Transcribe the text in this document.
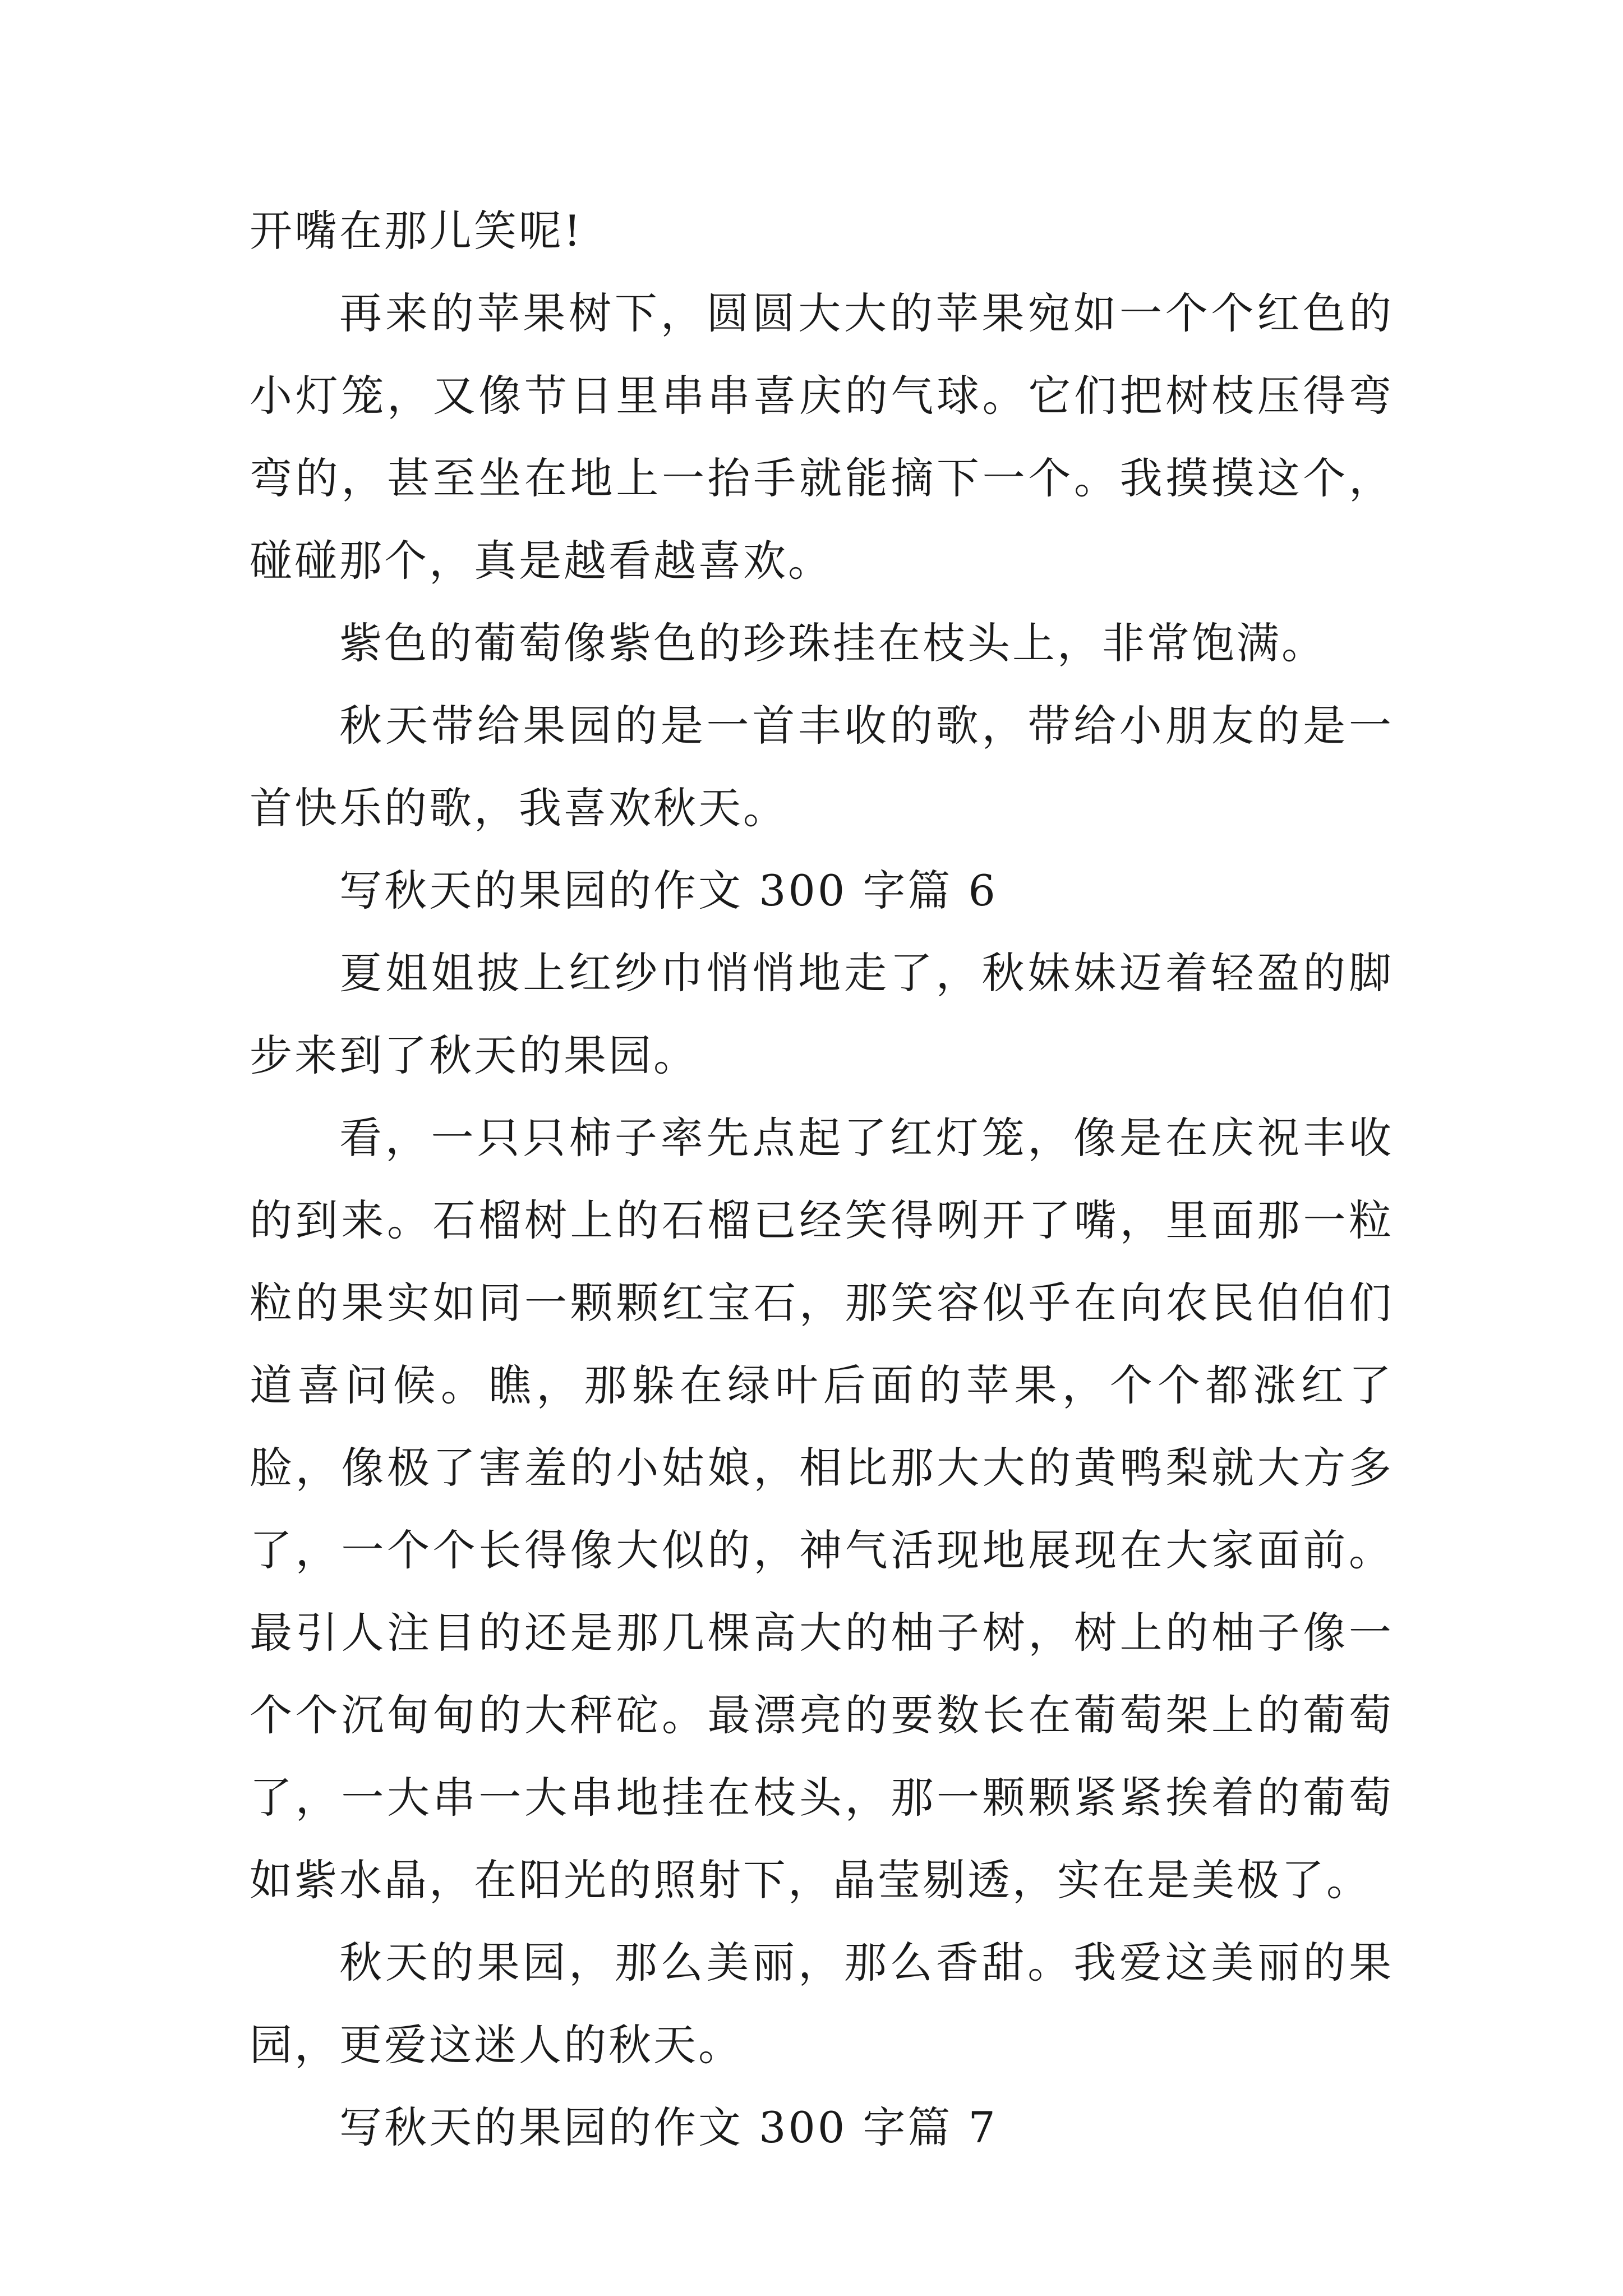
开嘴在那儿笑呢!

再来的苹果树下，圆圆大大的苹果宛如一个个红色的小灯笼，又像节日里串串喜庆的气球。它们把树枝压得弯弯的，甚至坐在地上一抬手就能摘下一个。我摸摸这个，碰碰那个，真是越看越喜欢。

紫色的葡萄像紫色的珍珠挂在枝头上，非常饱满。

秋天带给果园的是一首丰收的歌，带给小朋友的是一首快乐的歌，我喜欢秋天。

写秋天的果园的作文 300 字篇 6

夏姐姐披上红纱巾悄悄地走了，秋妹妹迈着轻盈的脚步来到了秋天的果园。

看，一只只柿子率先点起了红灯笼，像是在庆祝丰收的到来。石榴树上的石榴已经笑得咧开了嘴，里面那一粒粒的果实如同一颗颗红宝石，那笑容似乎在向农民伯伯们道喜问候。瞧，那躲在绿叶后面的苹果，个个都涨红了脸，像极了害羞的小姑娘，相比那大大的黄鸭梨就大方多了，一个个长得像大似的，神气活现地展现在大家面前。最引人注目的还是那几棵高大的柚子树，树上的柚子像一个个沉甸甸的大秤砣。最漂亮的要数长在葡萄架上的葡萄了，一大串一大串地挂在枝头，那一颗颗紧紧挨着的葡萄如紫水晶，在阳光的照射下，晶莹剔透，实在是美极了。

秋天的果园，那么美丽，那么香甜。我爱这美丽的果园，更爱这迷人的秋天。

写秋天的果园的作文 300 字篇 7
